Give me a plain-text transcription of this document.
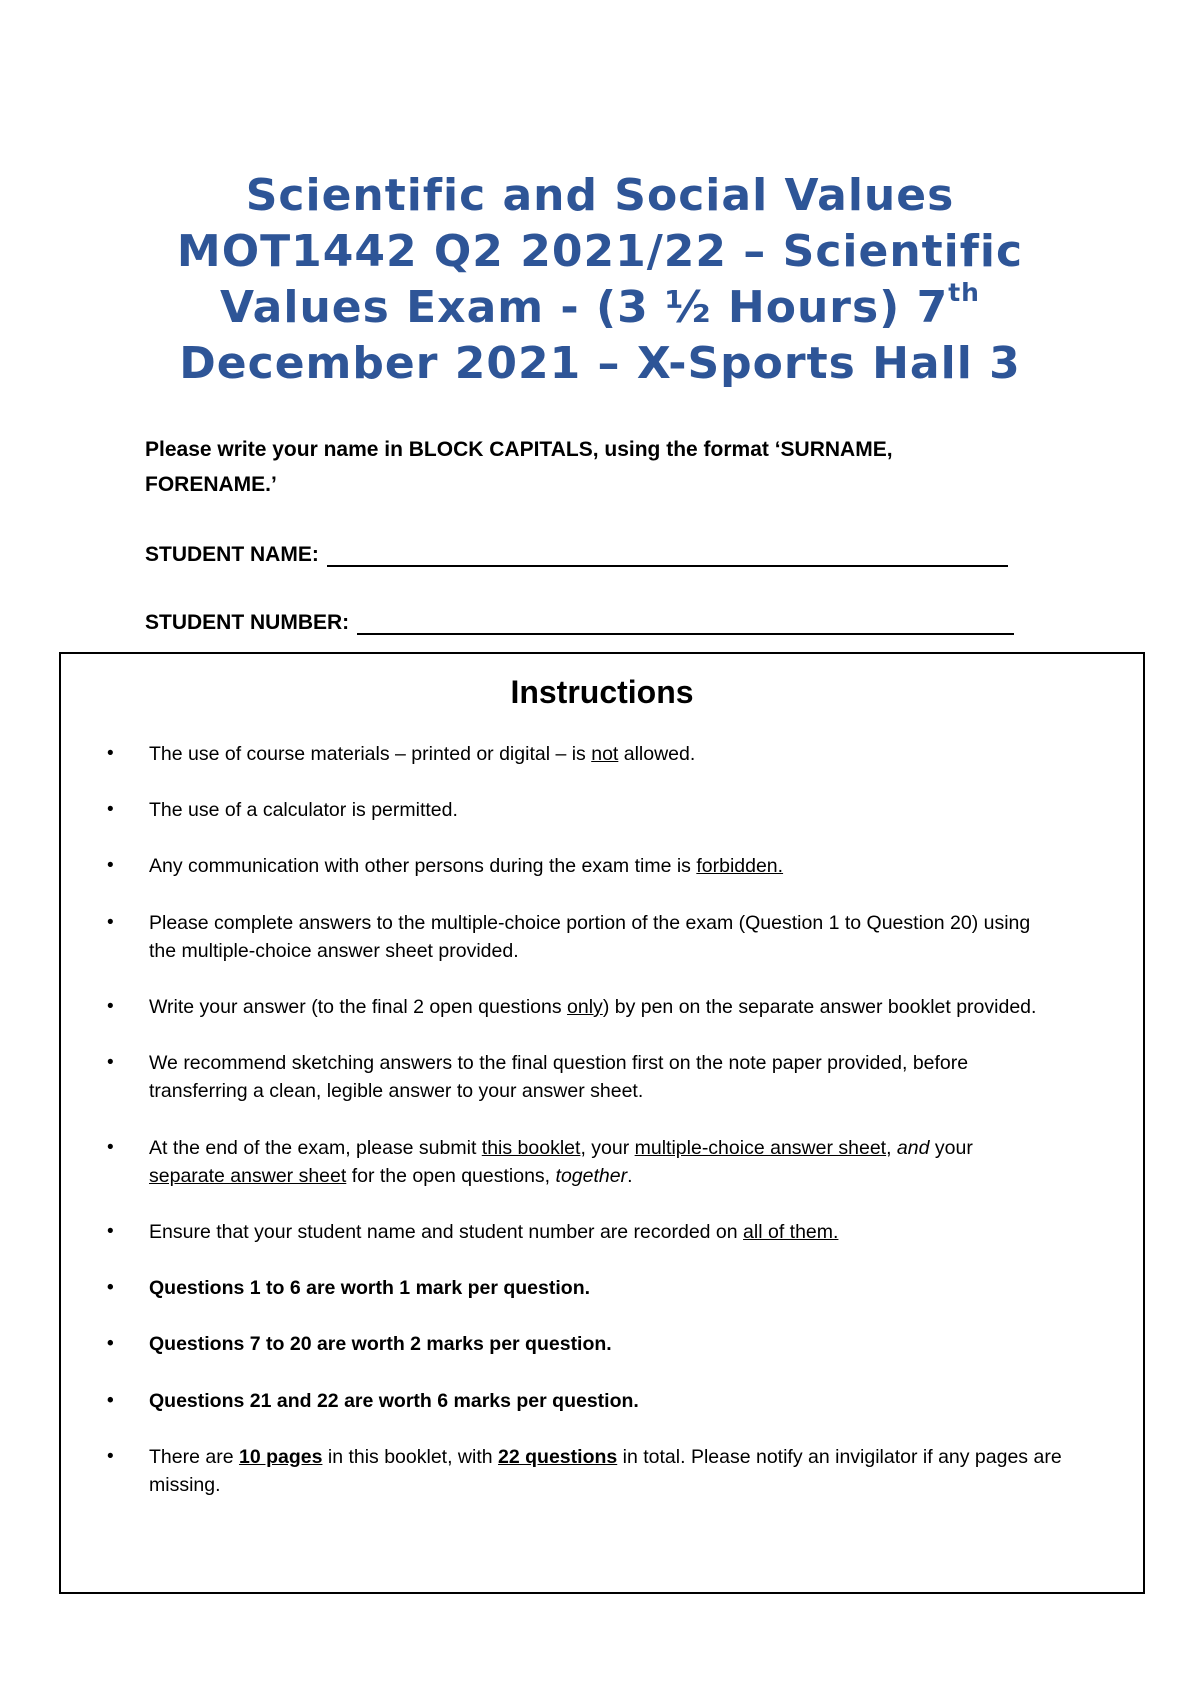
Scientific and Social Values
MOT1442 Q2 2021/22 – Scientific
Values Exam - (3 ½ Hours) 7th
December 2021 – X-Sports Hall 3
Please write your name in BLOCK CAPITALS, using the format ‘SURNAME,
FORENAME.’
STUDENT NAME:
STUDENT NUMBER:
Instructions
• The use of course materials – printed or digital – is not allowed.
• The use of a calculator is permitted.
• Any communication with other persons during the exam time is forbidden.
• Please complete answers to the multiple-choice portion of the exam (Question 1 to Question 20) using
the multiple-choice answer sheet provided.
• Write your answer (to the final 2 open questions only) by pen on the separate answer booklet provided.
• We recommend sketching answers to the final question first on the note paper provided, before
transferring a clean, legible answer to your answer sheet.
• At the end of the exam, please submit this booklet, your multiple-choice answer sheet, and your
separate answer sheet for the open questions, together.
• Ensure that your student name and student number are recorded on all of them.
• Questions 1 to 6 are worth 1 mark per question.
• Questions 7 to 20 are worth 2 marks per question.
• Questions 21 and 22 are worth 6 marks per question.
• There are 10 pages in this booklet, with 22 questions in total. Please notify an invigilator if any pages are
missing.
